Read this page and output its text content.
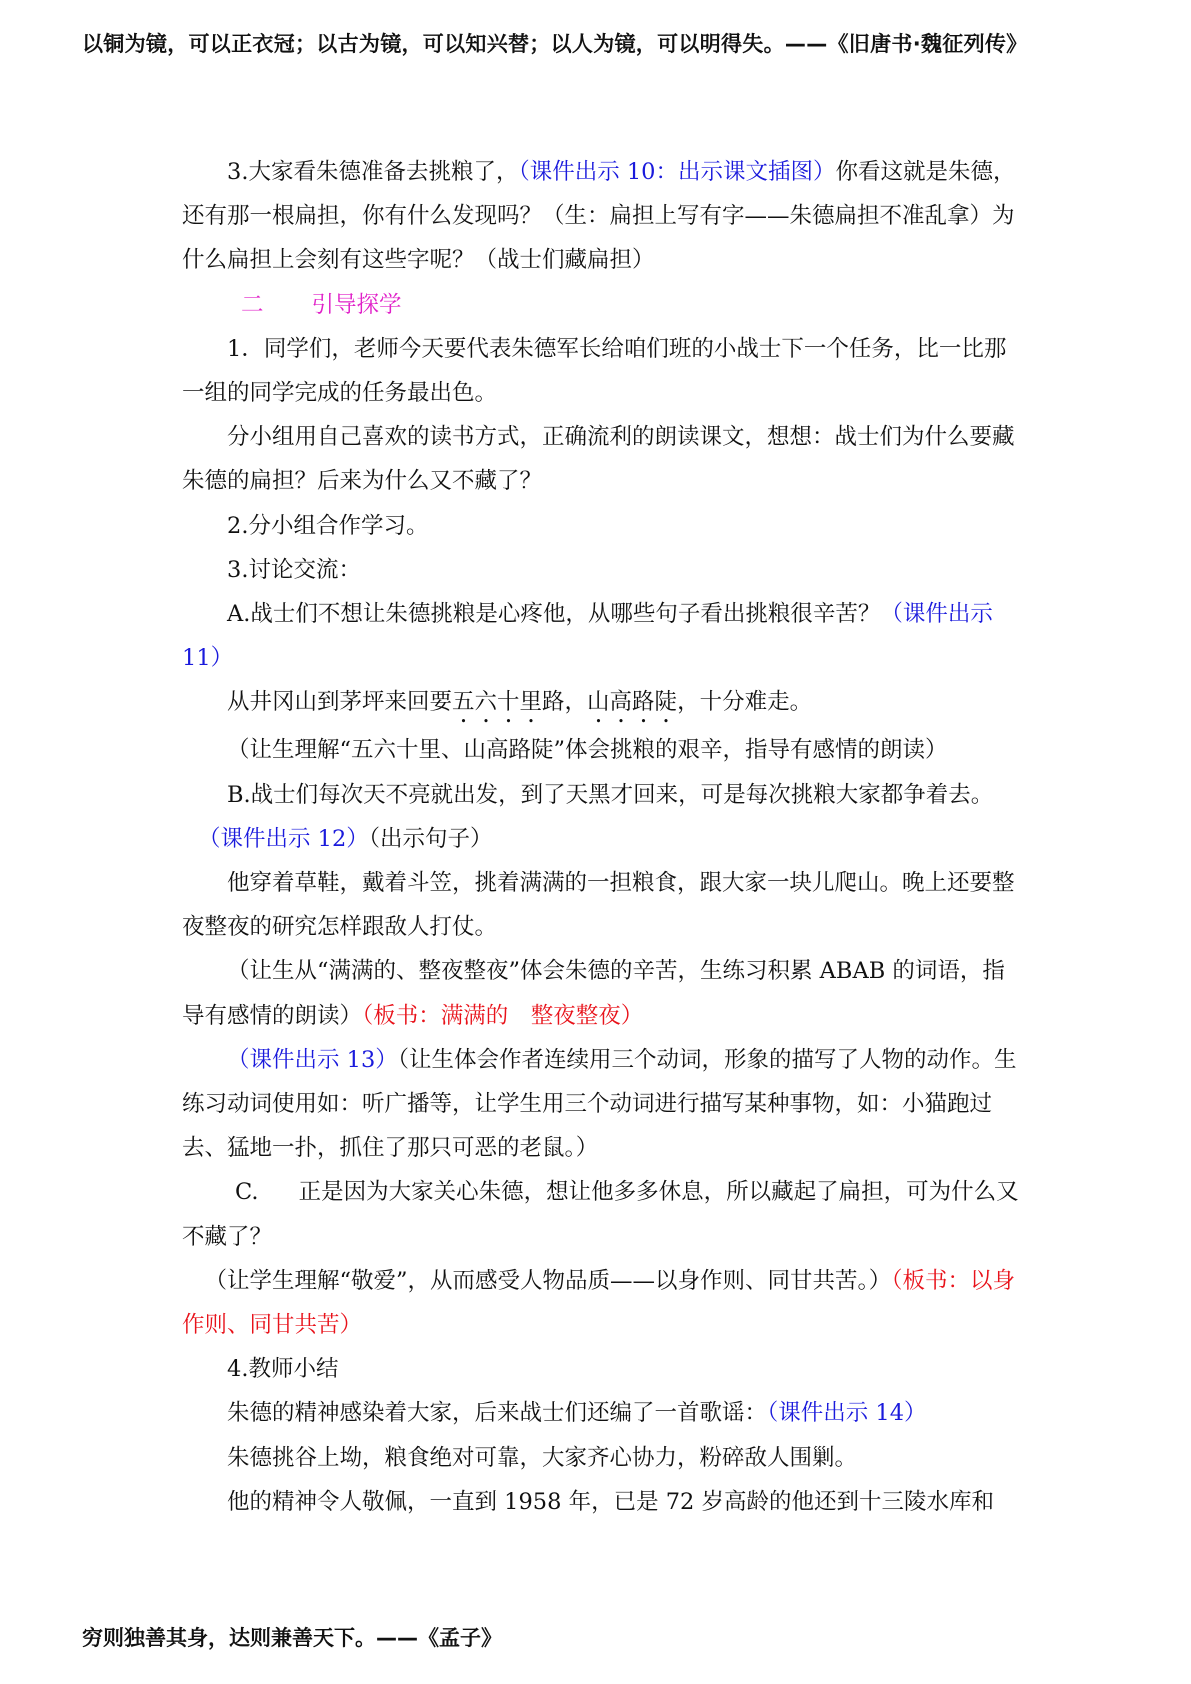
以铜为镜，可以正衣冠；以古为镜，可以知兴替；以人为镜，可以明得失。——《旧唐书·魏征列传》

3.大家看朱德准备去挑粮了，（课件出示 10：出示课文插图）你看这就是朱德，还有那一根扁担，你有什么发现吗？（生：扁担上写有字——朱德扁担不准乱拿）为什么扁担上会刻有这些字呢？（战士们藏扁担）

二 引导探学

1．同学们，老师今天要代表朱德军长给咱们班的小战士下一个任务，比一比那一组的同学完成的任务最出色。

分小组用自己喜欢的读书方式，正确流利的朗读课文，想想：战士们为什么要藏朱德的扁担？后来为什么又不藏了？

2.分小组合作学习。

3.讨论交流：

A.战士们不想让朱德挑粮是心疼他，从哪些句子看出挑粮很辛苦？（课件出示 11）

从井冈山到茅坪来回要五六十里路，山高路陡，十分难走。

（让生理解“五六十里、山高路陡”体会挑粮的艰辛，指导有感情的朗读）

B.战士们每次天不亮就出发，到了天黑才回来，可是每次挑粮大家都争着去。

（课件出示 12）（出示句子）

他穿着草鞋，戴着斗笠，挑着满满的一担粮食，跟大家一块儿爬山。晚上还要整夜整夜的研究怎样跟敌人打仗。

（让生从“满满的、整夜整夜”体会朱德的辛苦，生练习积累 ABAB 的词语，指导有感情的朗读）（板书：满满的　整夜整夜）

（课件出示 13）（让生体会作者连续用三个动词，形象的描写了人物的动作。生练习动词使用如：听广播等，让学生用三个动词进行描写某种事物，如：小猫跑过去、猛地一扑，抓住了那只可恶的老鼠。）

C. 正是因为大家关心朱德，想让他多多休息，所以藏起了扁担，可为什么又不藏了？

（让学生理解“敬爱”，从而感受人物品质——以身作则、同甘共苦。）（板书：以身作则、同甘共苦）

4.教师小结

朱德的精神感染着大家，后来战士们还编了一首歌谣：（课件出示 14）

朱德挑谷上坳，粮食绝对可靠，大家齐心协力，粉碎敌人围剿。

他的精神令人敬佩，一直到 1958 年，已是 72 岁高龄的他还到十三陵水库和

穷则独善其身，达则兼善天下。——《孟子》
